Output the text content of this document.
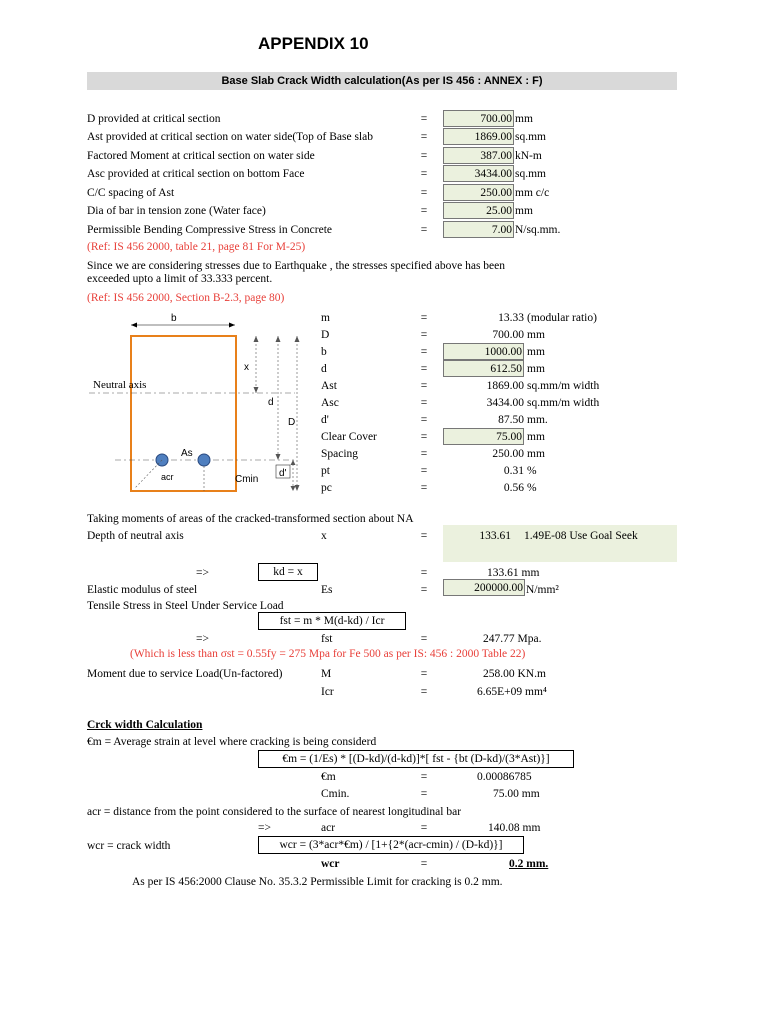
APPENDIX 10
Base Slab Crack Width calculation(As per IS 456 : ANNEX : F)
D provided at critical section	=	700.00 mm
Ast provided at critical section on water side(Top of Base slab	=	1869.00 sq.mm
Factored Moment at critical section on water side	=	387.00 kN-m
Asc provided at critical section on bottom Face	=	3434.00 sq.mm
C/C spacing of Ast	=	250.00 mm c/c
Dia of bar in tension zone (Water face)	=	25.00 mm
Permissible Bending Compressive Stress in Concrete	=	7.00 N/sq.mm.
(Ref: IS 456 2000, table 21, page 81 For M-25)
Since we are considering stresses due to Earthquake , the stresses specified above has been
exceeded upto a limit of 33.333 percent.
(Ref: IS 456 2000, Section B-2.3, page 80)
b
Neutral axis
x
d
D
d'
As
acr	Cmin
m	=	13.33 (modular ratio)
D	=	700.00 mm
b	=	1000.00 mm
d	=	612.50 mm
Ast	=	1869.00 sq.mm/m width
Asc	=	3434.00 sq.mm/m width
d'	=	87.50 mm.
Clear Cover	=	75.00 mm
Spacing	=	250.00 mm
pt	=	0.31 %
pc	=	0.56 %
Taking moments of areas of the cracked-transformed section about NA
Depth of neutral axis	x	=	133.61 1.49E-08 Use Goal Seek
=>	kd = x	=	133.61 mm
Elastic modulus of steel	Es	=	200000.00 N/mm²
Tensile Stress in Steel Under Service Load
fst = m * M(d-kd) / Icr
=>	fst	=	247.77 Mpa.
(Which is less than σst = 0.55fy = 275 Mpa for Fe 500 as per IS: 456 : 2000 Table 22)
Moment due to service Load(Un-factored)	M	=	258.00 KN.m
Icr	=	6.65E+09 mm⁴
Crck width Calculation
€m = Average strain at level where cracking is being considerd
€m = (1/Es) * [(D-kd)/(d-kd)]*[ fst - {bt (D-kd)/(3*Ast)}]
€m	=	0.00086785
Cmin.	=	75.00 mm
acr = distance from the point considered to the surface of nearest longitudinal bar
=>	acr	=	140.08 mm
wcr = crack width	wcr = (3*acr*€m) / [1+{2*(acr-cmin) / (D-kd)}]
wcr	=	0.2 mm.
As per IS 456:2000 Clause No. 35.3.2 Permissible Limit for cracking is 0.2 mm.
